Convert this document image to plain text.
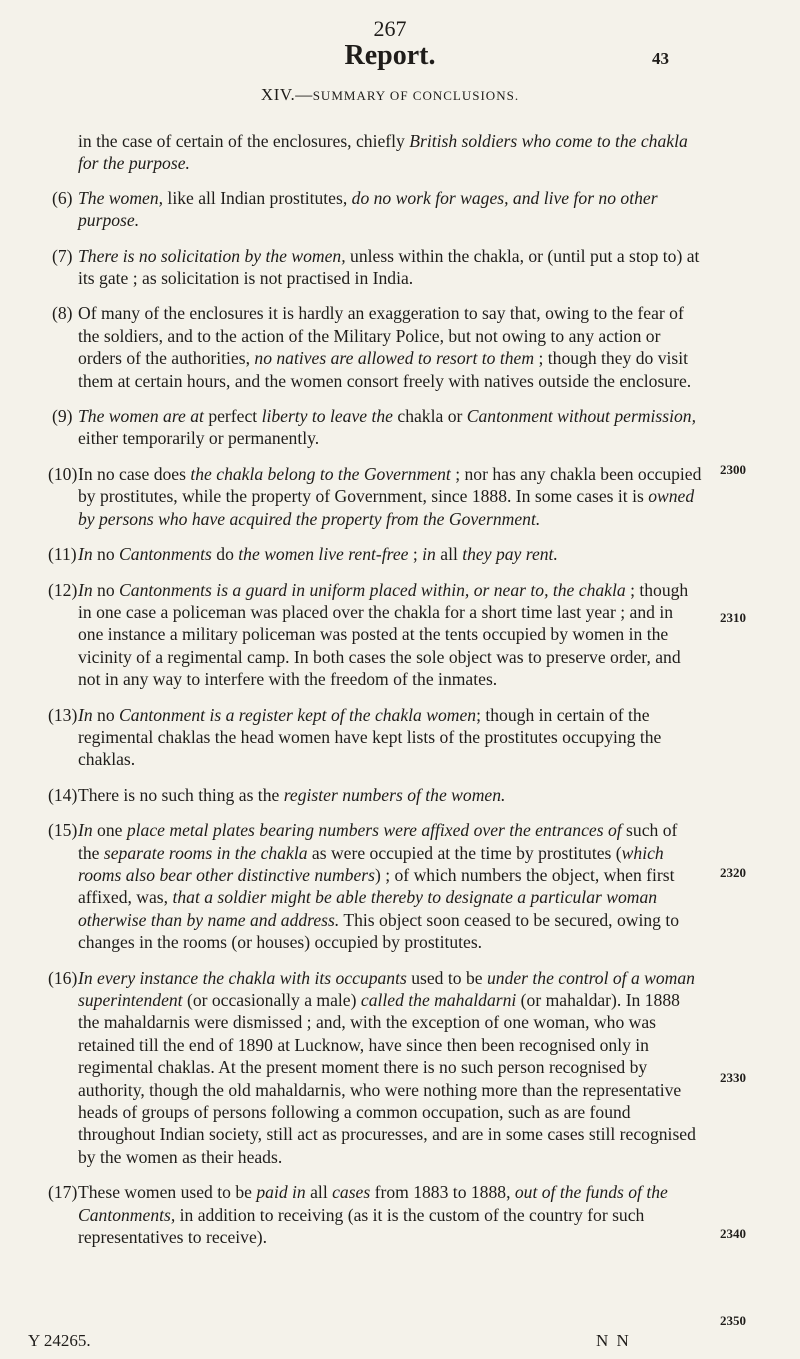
267
Report.	43
XIV.—SUMMARY OF CONCLUSIONS.

in the case of certain of the enclosures, chiefly British soldiers who come to the chakla for the purpose.

(6) The women, like all Indian prostitutes, do no work for wages, and live for no other purpose.
(7) There is no solicitation by the women, unless within the chakla, or (until put a stop to) at its gate ; as solicitation is not practised in India.
(8) Of many of the enclosures it is hardly an exaggeration to say that, owing to the fear of the soldiers, and to the action of the Military Police, but not owing to any action or orders of the authorities, no natives are allowed to resort to them ; though they do visit them at certain hours, and the women consort freely with natives outside the enclosure.
(9) The women are at perfect liberty to leave the chakla or Cantonment without permission, either temporarily or permanently.
(10) In no case does the chakla belong to the Government ; nor has any chakla been occupied by prostitutes, while the property of Government, since 1888. In some cases it is owned by persons who have acquired the property from the Government.
(11) In no Cantonments do the women live rent-free ; in all they pay rent.
(12) In no Cantonments is a guard in uniform placed within, or near to, the chakla ; though in one case a policeman was placed over the chakla for a short time last year ; and in one instance a military policeman was posted at the tents occupied by women in the vicinity of a regimental camp. In both cases the sole object was to preserve order, and not in any way to interfere with the freedom of the inmates.
(13) In no Cantonment is a register kept of the chakla women; though in certain of the regimental chaklas the head women have kept lists of the prostitutes occupying the chaklas.
(14) There is no such thing as the register numbers of the women.
(15) In one place metal plates bearing numbers were affixed over the entrances of such of the separate rooms in the chakla as were occupied at the time by prostitutes (which rooms also bear other distinctive numbers) ; of which numbers the object, when first affixed, was, that a soldier might be able thereby to designate a particular woman otherwise than by name and address. This object soon ceased to be secured, owing to changes in the rooms (or houses) occupied by prostitutes.
(16) In every instance the chakla with its occupants used to be under the control of a woman superintendent (or occasionally a male) called the mahaldarni (or mahaldar). In 1888 the mahaldarnis were dismissed ; and, with the exception of one woman, who was retained till the end of 1890 at Lucknow, have since then been recognised only in regimental chaklas. At the present moment there is no such person recognised by authority, though the old mahaldarnis, who were nothing more than the representative heads of groups of persons following a common occupation, such as are found throughout Indian society, still act as procuresses, and are in some cases still recognised by the women as their heads.
(17) These women used to be paid in all cases from 1883 to 1888, out of the funds of the Cantonments, in addition to receiving (as it is the custom of the country for such representatives to receive).
2300
2310
2320
2330
2340
2350
Y 24265.	N N
